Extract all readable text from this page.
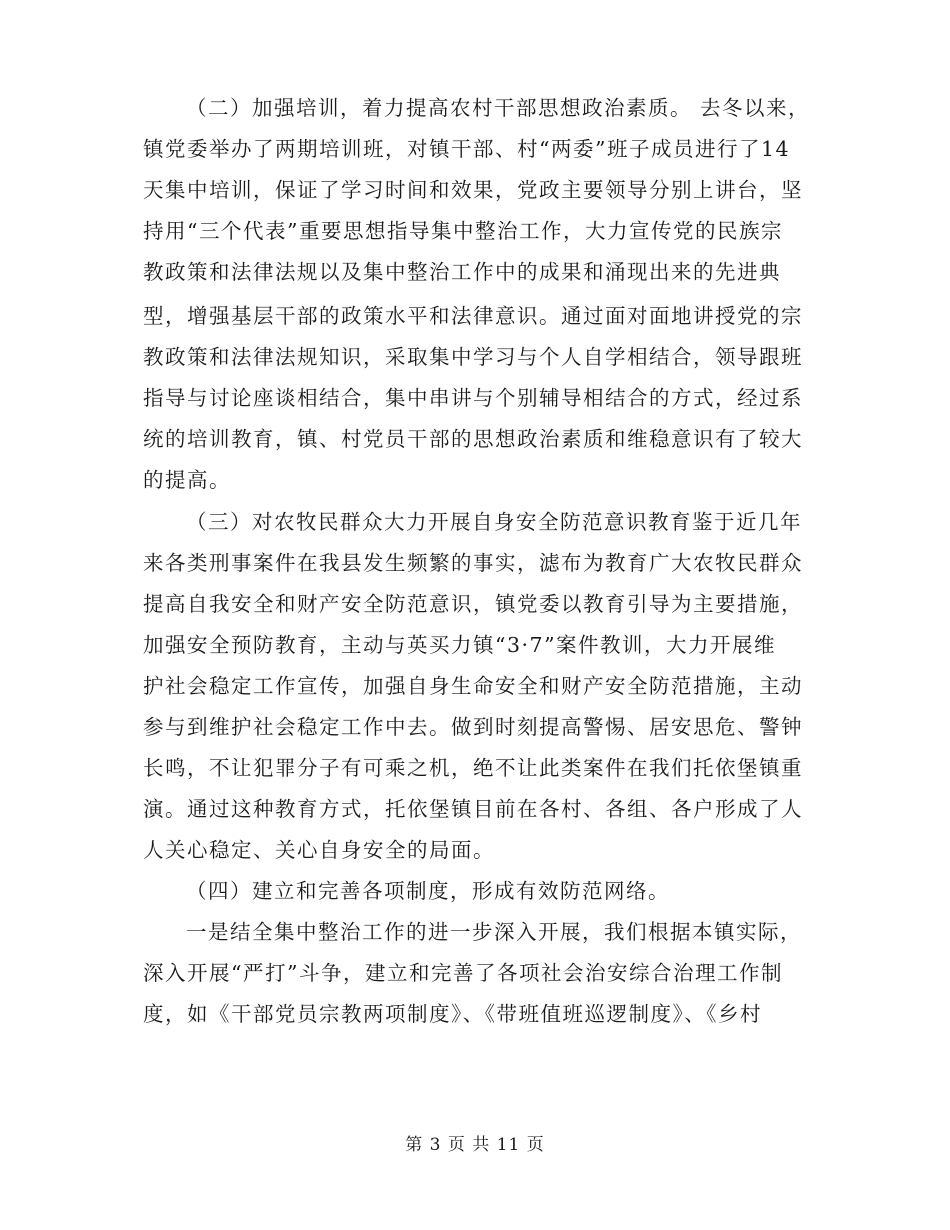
（二）加强培训，着力提高农村干部思想政治素质。 去冬以来，
镇党委举办了两期培训班，对镇干部、村“两委”班子成员进行了14
天集中培训，保证了学习时间和效果，党政主要领导分别上讲台，坚
持用“三个代表”重要思想指导集中整治工作，大力宣传党的民族宗
教政策和法律法规以及集中整治工作中的成果和涌现出来的先进典
型，增强基层干部的政策水平和法律意识。通过面对面地讲授党的宗
教政策和法律法规知识，采取集中学习与个人自学相结合，领导跟班
指导与讨论座谈相结合，集中串讲与个别辅导相结合的方式，经过系
统的培训教育，镇、村党员干部的思想政治素质和维稳意识有了较大
的提高。
（三）对农牧民群众大力开展自身安全防范意识教育鉴于近几年
来各类刑事案件在我县发生频繁的事实，滤布为教育广大农牧民群众
提高自我安全和财产安全防范意识，镇党委以教育引导为主要措施，
加强安全预防教育，主动与英买力镇“3·7”案件教训，大力开展维
护社会稳定工作宣传，加强自身生命安全和财产安全防范措施，主动
参与到维护社会稳定工作中去。做到时刻提高警惕、居安思危、警钟
长鸣，不让犯罪分子有可乘之机，绝不让此类案件在我们托依堡镇重
演。通过这种教育方式，托依堡镇目前在各村、各组、各户形成了人
人关心稳定、关心自身安全的局面。
（四）建立和完善各项制度，形成有效防范网络。
一是结全集中整治工作的进一步深入开展，我们根据本镇实际，
深入开展“严打”斗争，建立和完善了各项社会治安综合治理工作制
度，如《干部党员宗教两项制度》、《带班值班巡逻制度》、《乡村
第 3 页 共 11 页
